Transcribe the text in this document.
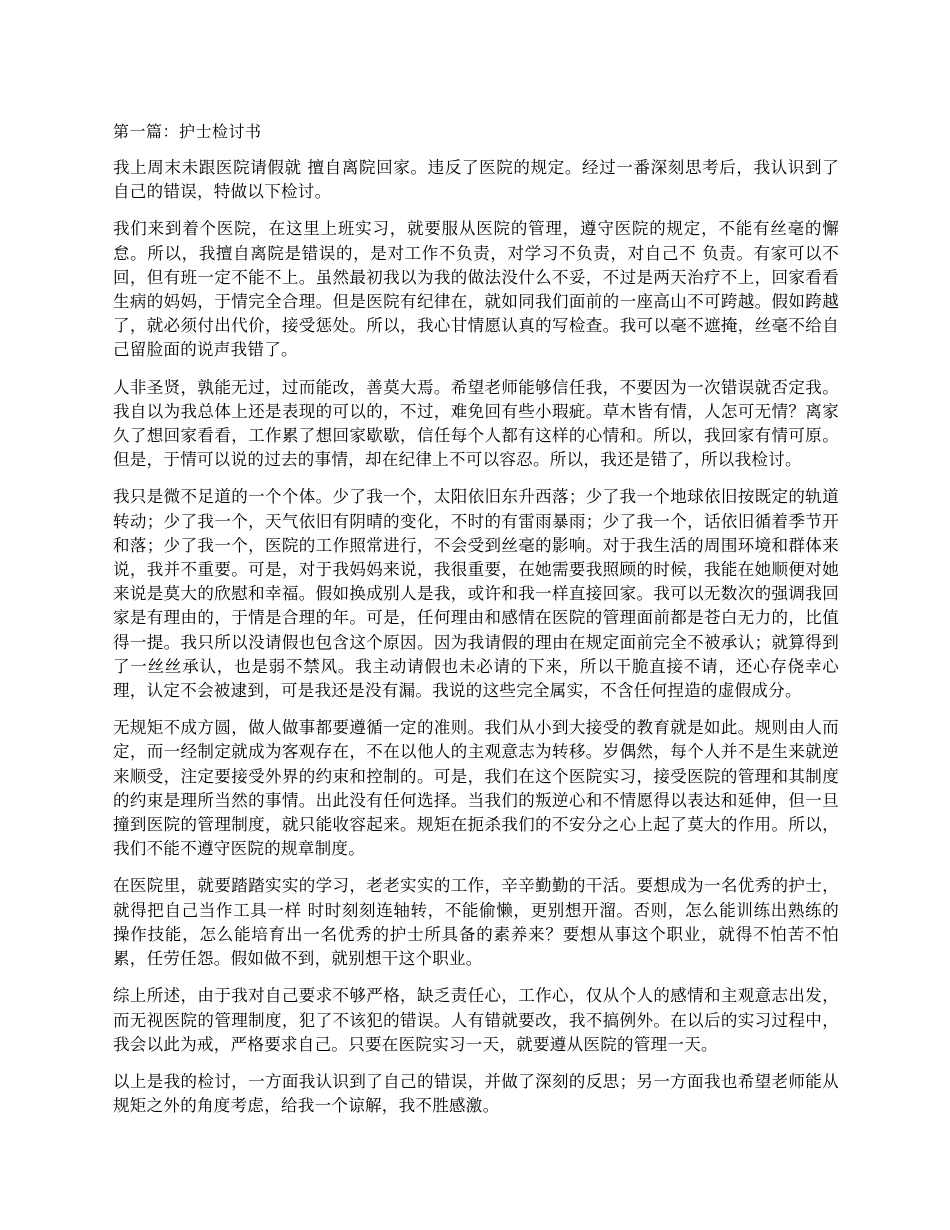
第一篇：护士检讨书

我上周末未跟医院请假就 擅自离院回家。违反了医院的规定。经过一番深刻思考后，我认识到了 自己的错误，特做以下检讨。

我们来到着个医院，在这里上班实习，就要服从医院的管理，遵守医院的规定，不能有丝毫的懈怠。所以，我擅自离院是错误的，是对工作不负责，对学习不负责，对自己不 负责。有家可以不回，但有班一定不能不上。虽然最初我以为我的做法没什么不妥，不过是两天治疗不上，回家看看生病的妈妈，于情完全合理。但是医院有纪律在，就如同我们面前的一座高山不可跨越。假如跨越了，就必须付出代价，接受惩处。所以，我心甘情愿认真的写检查。我可以毫不遮掩，丝毫不给自己留脸面的说声我错了。

人非圣贤，孰能无过，过而能改，善莫大焉。希望老师能够信任我，不要因为一次错误就否定我。我自以为我总体上还是表现的可以的，不过，难免回有些小瑕疵。草木皆有情，人怎可无情？离家久了想回家看看，工作累了想回家歇歇，信任每个人都有这样的心情和。所以，我回家有情可原。但是，于情可以说的过去的事情，却在纪律上不可以容忍。所以，我还是错了，所以我检讨。

我只是微不足道的一个个体。少了我一个，太阳依旧东升西落；少了我一个地球依旧按既定的轨道转动；少了我一个，天气依旧有阴晴的变化，不时的有雷雨暴雨；少了我一个，话依旧循着季节开和落；少了我一个，医院的工作照常进行，不会受到丝毫的影响。对于我生活的周围环境和群体来说，我并不重要。可是，对于我妈妈来说，我很重要，在她需要我照顾的时候，我能在她顺便对她来说是莫大的欣慰和幸福。假如换成别人是我，或许和我一样直接回家。我可以无数次的强调我回家是有理由的，于情是合理的年。可是，任何理由和感情在医院的管理面前都是苍白无力的，比值得一提。我只所以没请假也包含这个原因。因为我请假的理由在规定面前完全不被承认；就算得到了一丝丝承认，也是弱不禁风。我主动请假也未必请的下来，所以干脆直接不请，还心存侥幸心理，认定不会被逮到，可是我还是没有漏。我说的这些完全属实，不含任何捏造的虚假成分。

无规矩不成方圆，做人做事都要遵循一定的准则。我们从小到大接受的教育就是如此。规则由人而定，而一经制定就成为客观存在，不在以他人的主观意志为转移。岁偶然，每个人并不是生来就逆来顺受，注定要接受外界的约束和控制的。可是，我们在这个医院实习，接受医院的管理和其制度的约束是理所当然的事情。出此没有任何选择。当我们的叛逆心和不情愿得以表达和延伸，但一旦撞到医院的管理制度，就只能收容起来。规矩在扼杀我们的不安分之心上起了莫大的作用。所以，我们不能不遵守医院的规章制度。

在医院里，就要踏踏实实的学习，老老实实的工作，辛辛勤勤的干活。要想成为一名优秀的护士，就得把自己当作工具一样 时时刻刻连轴转，不能偷懒，更别想开溜。否则，怎么能训练出熟练的操作技能，怎么能培育出一名优秀的护士所具备的素养来？要想从事这个职业，就得不怕苦不怕累，任劳任怨。假如做不到，就别想干这个职业。

综上所述，由于我对自己要求不够严格，缺乏责任心，工作心，仅从个人的感情和主观意志出发，而无视医院的管理制度，犯了不该犯的错误。人有错就要改，我不搞例外。在以后的实习过程中，我会以此为戒，严格要求自己。只要在医院实习一天，就要遵从医院的管理一天。

以上是我的检讨，一方面我认识到了自己的错误，并做了深刻的反思；另一方面我也希望老师能从规矩之外的角度考虑，给我一个谅解，我不胜感激。
